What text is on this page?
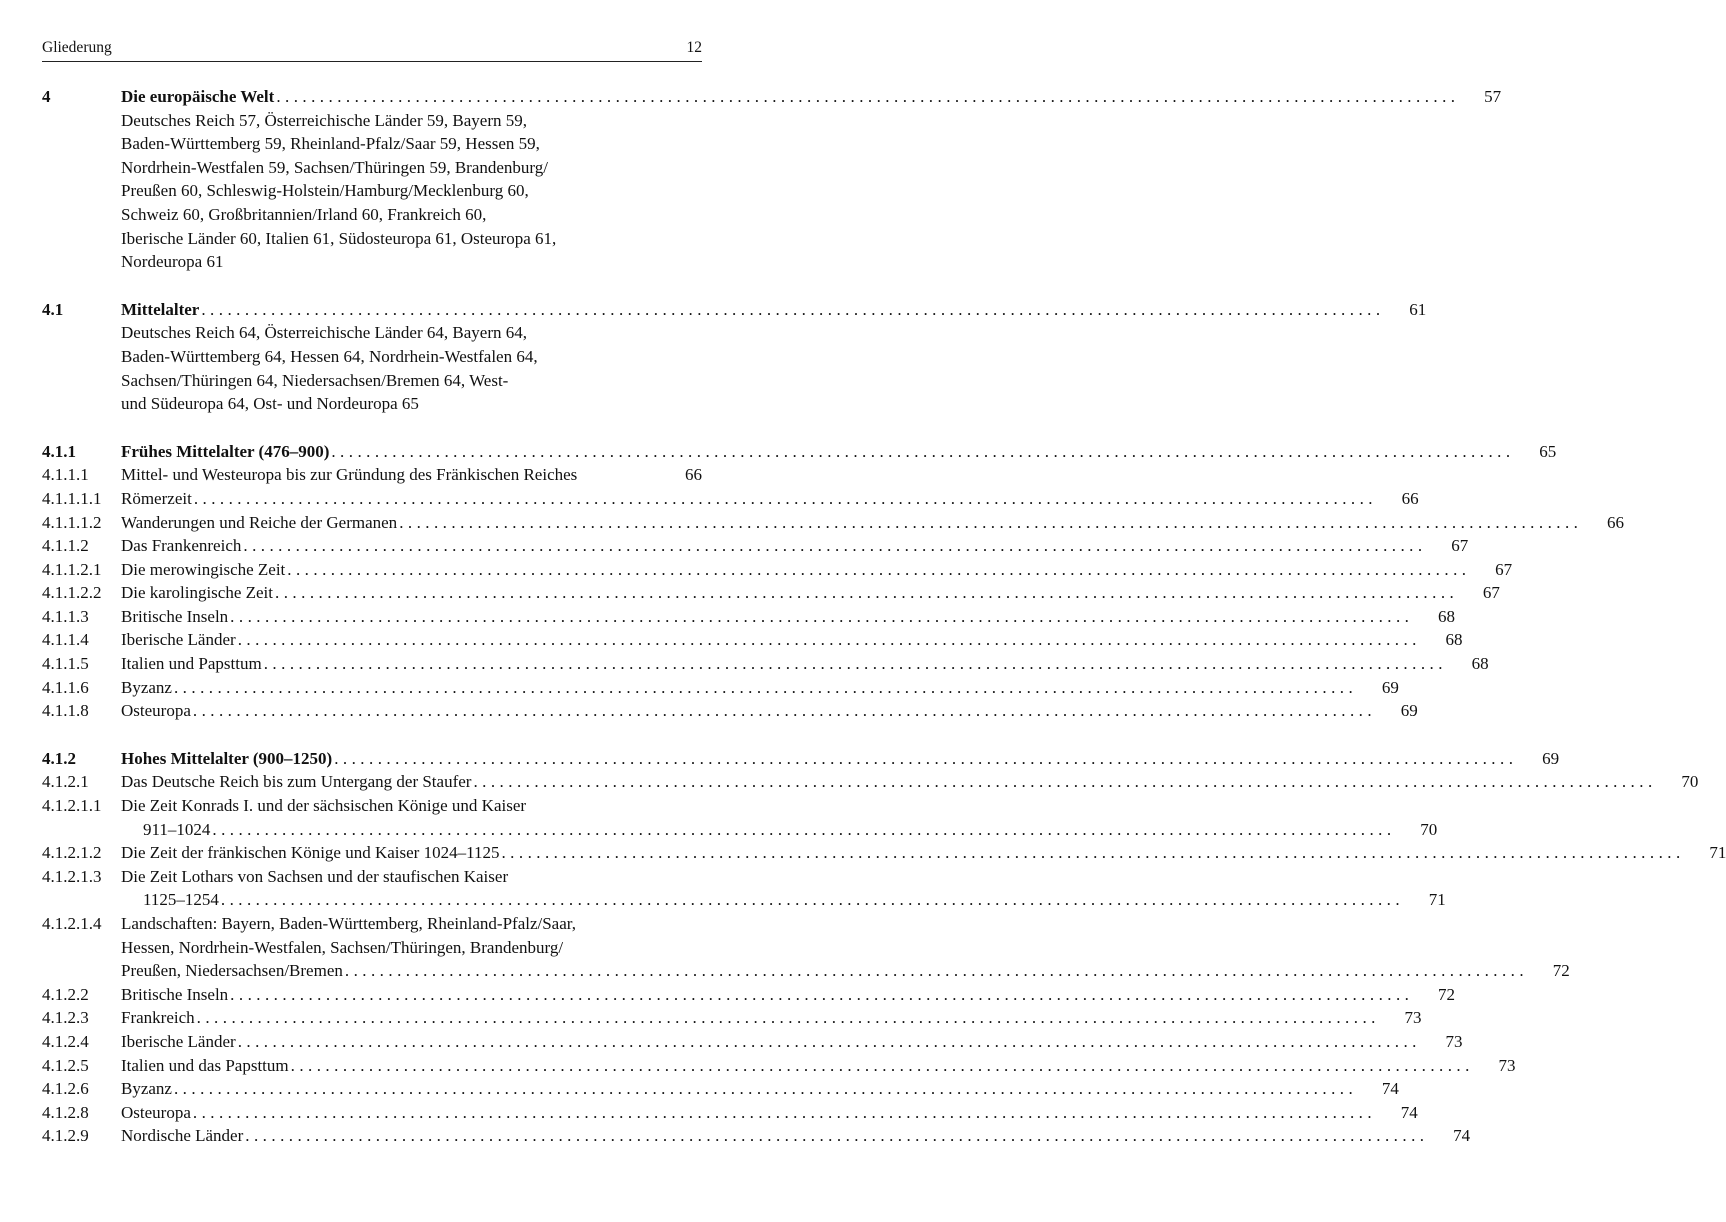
Gliederung	12
4	Die europäische Welt . . .	57
Deutsches Reich 57, Österreichische Länder 59, Bayern 59,
Baden-Württemberg 59, Rheinland-Pfalz/Saar 59, Hessen 59,
Nordrhein-Westfalen 59, Sachsen/Thüringen 59, Brandenburg/
Preußen 60, Schleswig-Holstein/Hamburg/Mecklenburg 60,
Schweiz 60, Großbritannien/Irland 60, Frankreich 60,
Iberische Länder 60, Italien 61, Südosteuropa 61, Osteuropa 61,
Nordeuropa 61
4.1	Mittelalter . . .	61
Deutsches Reich 64, Österreichische Länder 64, Bayern 64,
Baden-Württemberg 64, Hessen 64, Nordrhein-Westfalen 64,
Sachsen/Thüringen 64, Niedersachsen/Bremen 64, West-
und Südeuropa 64, Ost- und Nordeuropa 65
4.1.1	Frühes Mittelalter (476–900) . . .	65
4.1.1.1	Mittel- und Westeuropa bis zur Gründung des Fränkischen Reiches	66
4.1.1.1.1	Römerzeit . . .	66
4.1.1.1.2	Wanderungen und Reiche der Germanen . . .	66
4.1.1.2	Das Frankenreich . . .	67
4.1.1.2.1	Die merowingische Zeit . . .	67
4.1.1.2.2	Die karolingische Zeit . . .	67
4.1.1.3	Britische Inseln . . .	68
4.1.1.4	Iberische Länder . . .	68
4.1.1.5	Italien und Papsttum . . .	68
4.1.1.6	Byzanz . . .	69
4.1.1.8	Osteuropa . . .	69
4.1.2	Hohes Mittelalter (900–1250) . . .	69
4.1.2.1	Das Deutsche Reich bis zum Untergang der Staufer . . .	70
4.1.2.1.1	Die Zeit Konrads I. und der sächsischen Könige und Kaiser
911–1024 . . .	70
4.1.2.1.2	Die Zeit der fränkischen Könige und Kaiser 1024–1125 . . .	71
4.1.2.1.3	Die Zeit Lothars von Sachsen und der staufischen Kaiser
1125–1254 . . .	71
4.1.2.1.4	Landschaften: Bayern, Baden-Württemberg, Rheinland-Pfalz/Saar,
Hessen, Nordrhein-Westfalen, Sachsen/Thüringen, Brandenburg/
Preußen, Niedersachsen/Bremen . . .	72
4.1.2.2	Britische Inseln . . .	72
4.1.2.3	Frankreich . . .	73
4.1.2.4	Iberische Länder . . .	73
4.1.2.5	Italien und das Papsttum . . .	73
4.1.2.6	Byzanz . . .	74
4.1.2.8	Osteuropa . . .	74
4.1.2.9	Nordische Länder . . .	74
